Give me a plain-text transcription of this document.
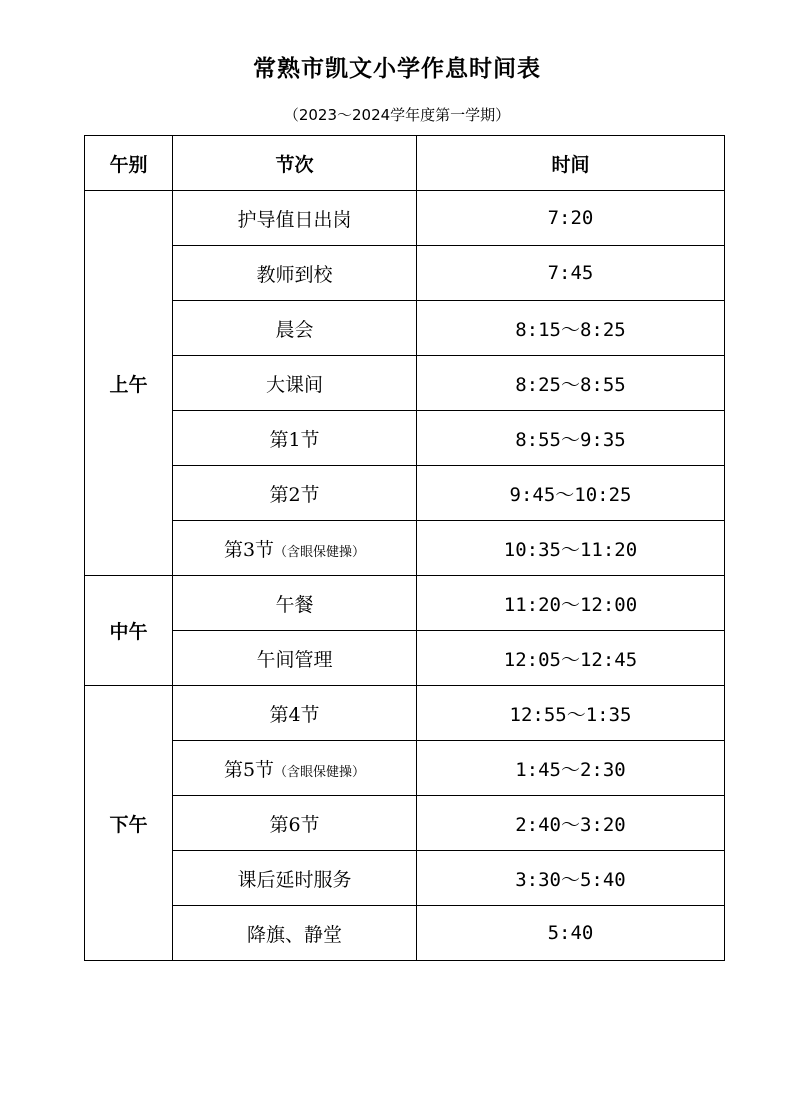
常熟市凯文小学作息时间表
（2023～2024学年度第一学期）
午别	节次	时间
上午	护导值日出岗	7:20
	教师到校	7:45
	晨会	8:15～8:25
	大课间	8:25～8:55
	第1节	8:55～9:35
	第2节	9:45～10:25
	第3节（含眼保健操）	10:35～11:20
中午	午餐	11:20～12:00
	午间管理	12:05～12:45
下午	第4节	12:55～1:35
	第5节（含眼保健操）	1:45～2:30
	第6节	2:40～3:20
	课后延时服务	3:30～5:40
	降旗、静堂	5:40
